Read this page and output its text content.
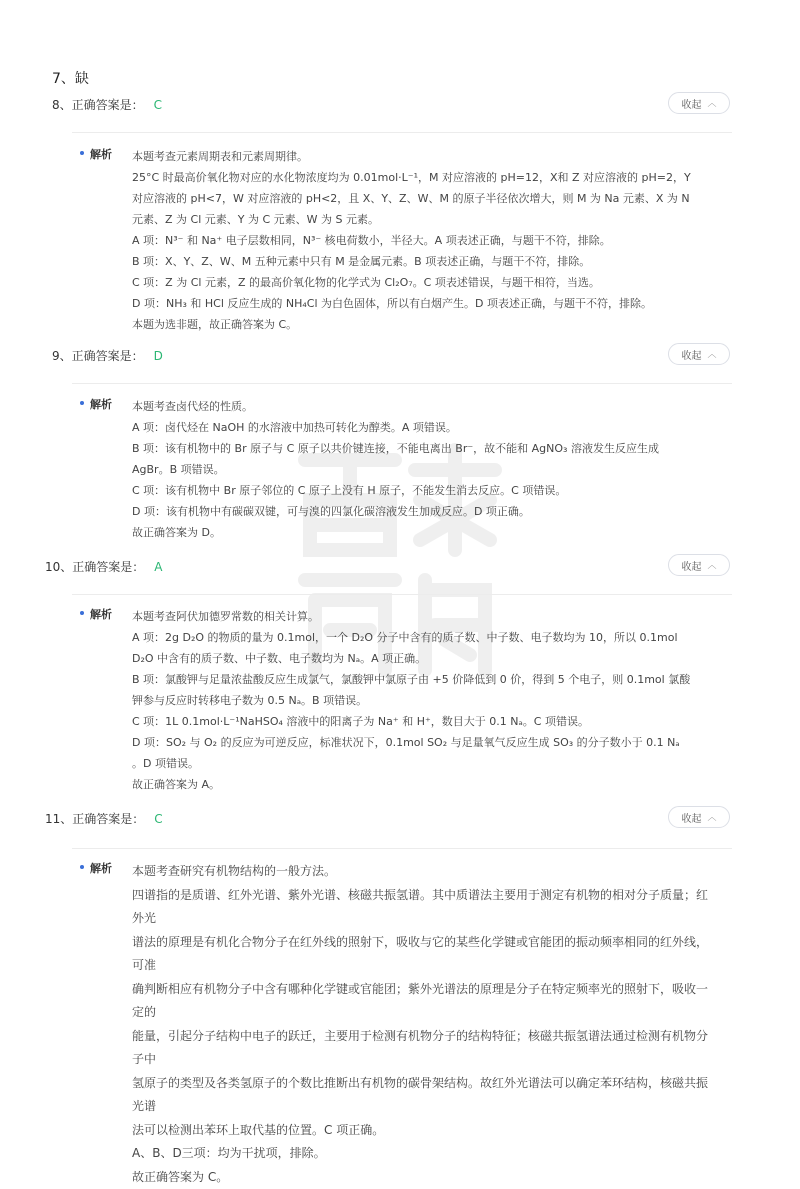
7、缺
8、正确答案是： C	收起 ︿
解析 本题考查元素周期表和元素周期律。

25°C 时最高价氧化物对应的水化物浓度均为 0.01mol·L⁻¹，M 对应溶液的 pH=12，X和 Z 对应溶液的 pH=2，Y

对应溶液的 pH<7，W 对应溶液的 pH<2，且 X、Y、Z、W、M 的原子半径依次增大，则 M 为 Na 元素、X 为 N

元素、Z 为 Cl 元素、Y 为 C 元素、W 为 S 元素。

A 项：N³⁻ 和 Na⁺ 电子层数相同，N³⁻ 核电荷数小，半径大。A 项表述正确，与题干不符，排除。

B 项：X、Y、Z、W、M 五种元素中只有 M 是金属元素。B 项表述正确，与题干不符，排除。

C 项：Z 为 Cl 元素，Z 的最高价氧化物的化学式为 Cl₂O₇。C 项表述错误，与题干相符，当选。

D 项：NH₃ 和 HCl 反应生成的 NH₄Cl 为白色固体，所以有白烟产生。D 项表述正确，与题干不符，排除。

本题为选非题，故正确答案为 C。

9、正确答案是： D	收起 ︿
解析 本题考查卤代烃的性质。

A 项：卤代烃在 NaOH 的水溶液中加热可转化为醇类。A 项错误。

B 项：该有机物中的 Br 原子与 C 原子以共价键连接，不能电离出 Br⁻，故不能和 AgNO₃ 溶液发生反应生成

AgBr。B 项错误。

C 项：该有机物中 Br 原子邻位的 C 原子上没有 H 原子，不能发生消去反应。C 项错误。

D 项：该有机物中有碳碳双键，可与溴的四氯化碳溶液发生加成反应。D 项正确。

故正确答案为 D。

10、正确答案是： A	收起 ︿
解析 本题考查阿伏加德罗常数的相关计算。

A 项：2g D₂O 的物质的量为 0.1mol，一个 D₂O 分子中含有的质子数、中子数、电子数均为 10，所以 0.1mol

D₂O 中含有的质子数、中子数、电子数均为 Nₐ。A 项正确。

B 项：氯酸钾与足量浓盐酸反应生成氯气，氯酸钾中氯原子由 +5 价降低到 0 价，得到 5 个电子，则 0.1mol 氯酸

钾参与反应时转移电子数为 0.5 Nₐ。B 项错误。

C 项：1L 0.1mol·L⁻¹NaHSO₄ 溶液中的阳离子为 Na⁺ 和 H⁺，数目大于 0.1 Nₐ。C 项错误。

D 项：SO₂ 与 O₂ 的反应为可逆反应，标准状况下，0.1mol SO₂ 与足量氧气反应生成 SO₃ 的分子数小于 0.1 Nₐ

。D 项错误。

故正确答案为 A。

11、正确答案是： C	收起 ︿
解析 本题考查研究有机物结构的一般方法。

四谱指的是质谱、红外光谱、紫外光谱、核磁共振氢谱。其中质谱法主要用于测定有机物的相对分子质量；红外光

谱法的原理是有机化合物分子在红外线的照射下，吸收与它的某些化学键或官能团的振动频率相同的红外线，可准

确判断相应有机物分子中含有哪种化学键或官能团；紫外光谱法的原理是分子在特定频率光的照射下，吸收一定的

能量，引起分子结构中电子的跃迁，主要用于检测有机物分子的结构特征；核磁共振氢谱法通过检测有机物分子中

氢原子的类型及各类氢原子的个数比推断出有机物的碳骨架结构。故红外光谱法可以确定苯环结构，核磁共振光谱

法可以检测出苯环上取代基的位置。C 项正确。

A、B、D三项：均为干扰项，排除。

故正确答案为 C。
